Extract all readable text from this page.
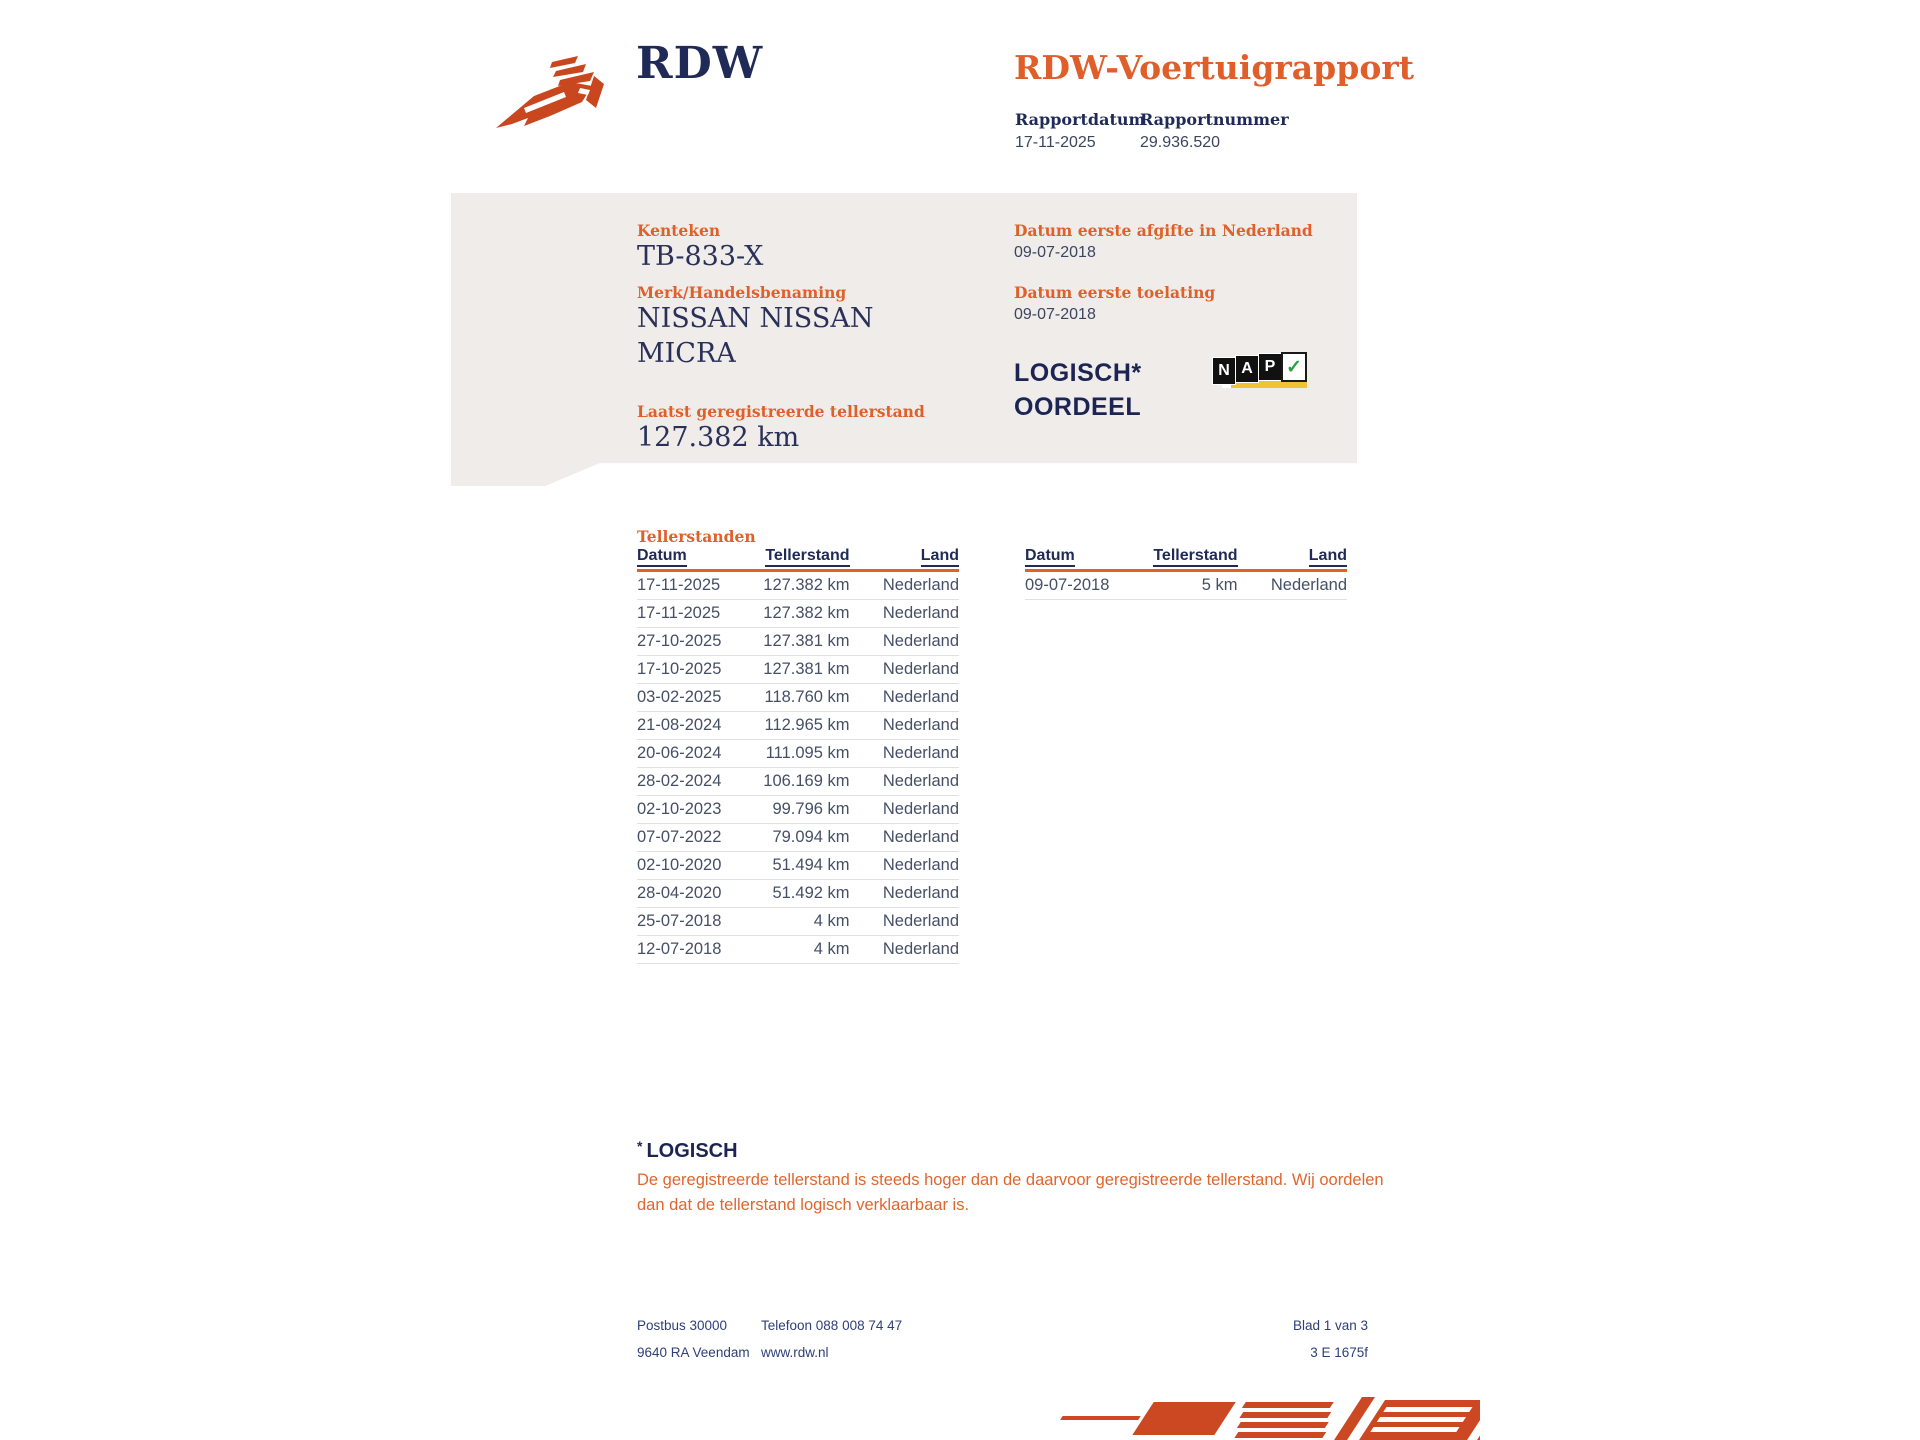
RDW	RDW-Voertuigrapport
Rapportdatum
17-11-2025
Rapportnummer
29.936.520
Kenteken
TB-833-X
Merk/Handelsbenaming
NISSAN NISSAN
MICRA
Laatst geregistreerde tellerstand
127.382 km
Datum eerste afgifte in Nederland
09-07-2018
Datum eerste toelating
09-07-2018
LOGISCH*
OORDEEL
N A P ✓
Tellerstanden
Datum	Tellerstand	Land
17-11-2025	127.382 km	Nederland
17-11-2025	127.382 km	Nederland
27-10-2025	127.381 km	Nederland
17-10-2025	127.381 km	Nederland
03-02-2025	118.760 km	Nederland
21-08-2024	112.965 km	Nederland
20-06-2024	111.095 km	Nederland
28-02-2024	106.169 km	Nederland
02-10-2023	99.796 km	Nederland
07-07-2022	79.094 km	Nederland
02-10-2020	51.494 km	Nederland
28-04-2020	51.492 km	Nederland
25-07-2018	4 km	Nederland
12-07-2018	4 km	Nederland
Datum	Tellerstand	Land
09-07-2018	5 km	Nederland
* LOGISCH
De geregistreerde tellerstand is steeds hoger dan de daarvoor geregistreerde tellerstand. Wij oordelen dan dat de tellerstand logisch verklaarbaar is.
Postbus 30000
9640 RA Veendam
Telefoon 088 008 74 47
www.rdw.nl
Blad 1 van 3
3 E 1675f
